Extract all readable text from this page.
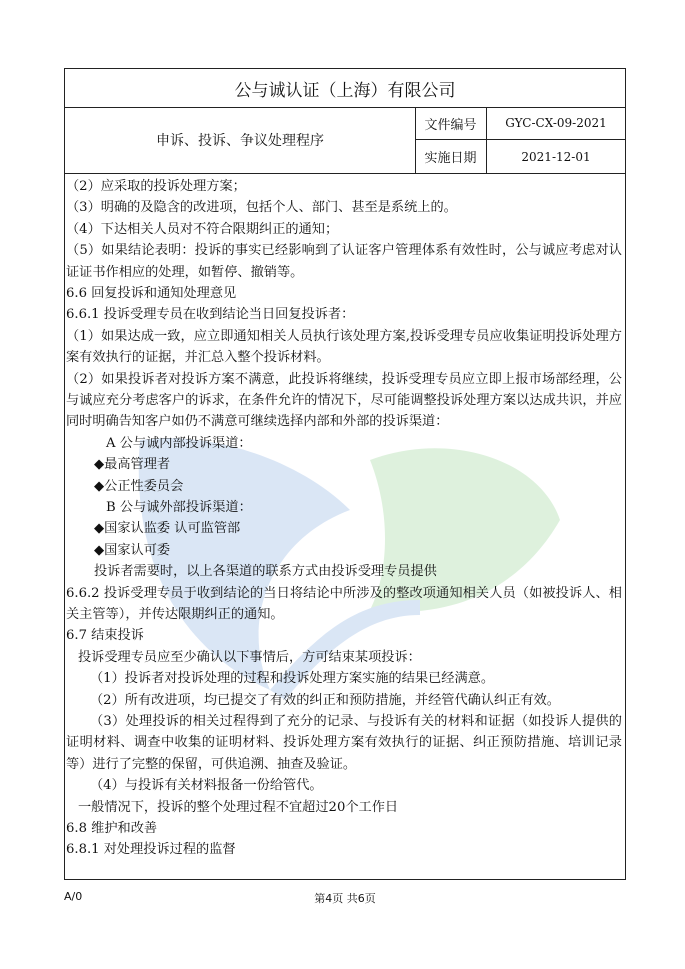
公与诚认证（上海）有限公司
申诉、投诉、争议处理程序
文件编号	GYC-CX-09-2021
实施日期	2021-12-01
（2）应采取的投诉处理方案；
（3）明确的及隐含的改进项，包括个人、部门、甚至是系统上的。
（4）下达相关人员对不符合限期纠正的通知；
（5）如果结论表明：投诉的事实已经影响到了认证客户管理体系有效性时，公与诚应考虑对认证证书作相应的处理，如暂停、撤销等。
6.6 回复投诉和通知处理意见
6.6.1 投诉受理专员在收到结论当日回复投诉者：
（1）如果达成一致，应立即通知相关人员执行该处理方案,投诉受理专员应收集证明投诉处理方案有效执行的证据，并汇总入整个投诉材料。
（2）如果投诉者对投诉方案不满意，此投诉将继续，投诉受理专员应立即上报市场部经理，公与诚应充分考虑客户的诉求，在条件允许的情况下，尽可能调整投诉处理方案以达成共识，并应同时明确告知客户如仍不满意可继续选择内部和外部的投诉渠道：
A 公与诚内部投诉渠道：
◆最高管理者
◆公正性委员会
B 公与诚外部投诉渠道：
◆国家认监委 认可监管部
◆国家认可委
投诉者需要时，以上各渠道的联系方式由投诉受理专员提供
6.6.2 投诉受理专员于收到结论的当日将结论中所涉及的整改项通知相关人员（如被投诉人、相关主管等），并传达限期纠正的通知。
6.7 结束投诉
投诉受理专员应至少确认以下事情后，方可结束某项投诉：
（1）投诉者对投诉处理的过程和投诉处理方案实施的结果已经满意。
（2）所有改进项，均已提交了有效的纠正和预防措施，并经管代确认纠正有效。
（3）处理投诉的相关过程得到了充分的记录、与投诉有关的材料和证据（如投诉人提供的证明材料、调查中收集的证明材料、投诉处理方案有效执行的证据、纠正预防措施、培训记录等）进行了完整的保留，可供追溯、抽查及验证。
（4）与投诉有关材料报备一份给管代。
一般情况下，投诉的整个处理过程不宜超过20个工作日
6.8 维护和改善
6.8.1 对处理投诉过程的监督
A/0	第4页 共6页
